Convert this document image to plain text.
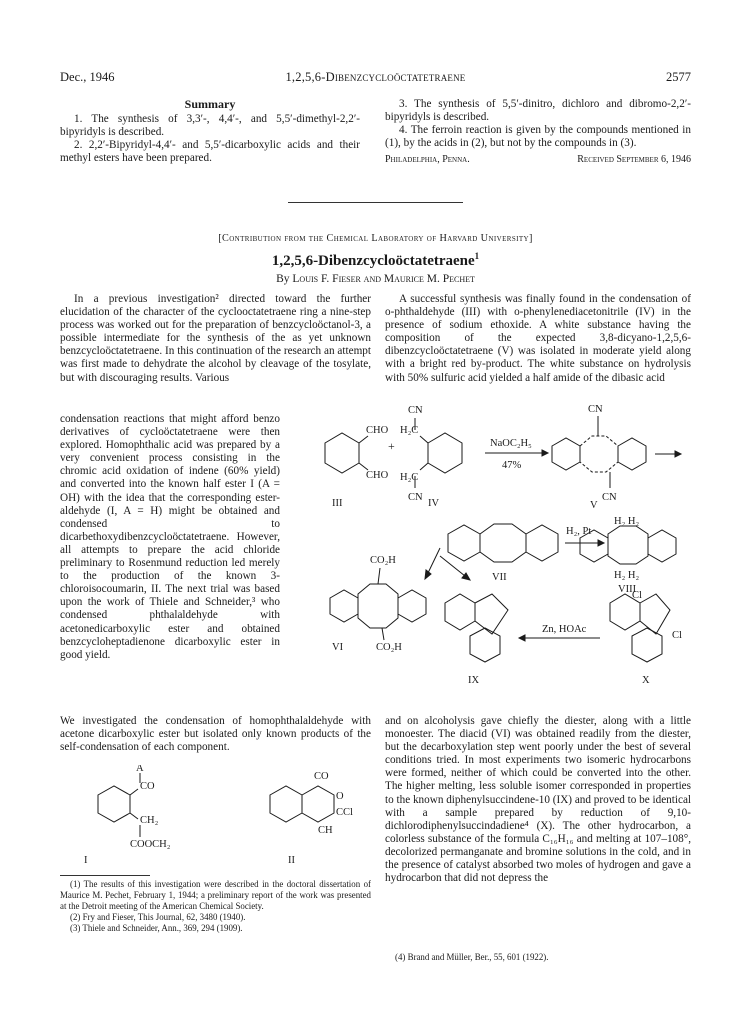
Dec., 1946	1,2,5,6-Dibenzcycloöctatetraene	2577
Summary

1. The synthesis of 3,3′-, 4,4′-, and 5,5′-dimethyl-2,2′-bipyridyls is described.

2. 2,2′-Bipyridyl-4,4′- and 5,5′-dicarboxylic acids and their methyl esters have been prepared.

3. The synthesis of 5,5′-dinitro, dichloro and dibromo-2,2′-bipyridyls is described.

4. The ferroin reaction is given by the compounds mentioned in (1), by the acids in (2), but not by the compounds in (3).

Philadelphia, Penna.	Received September 6, 1946
[Contribution from the Chemical Laboratory of Harvard University]
1,2,5,6-Dibenzcycloöctatetraene$^1$
By Louis F. Fieser and Maurice M. Pechet

In a previous investigation² directed toward the further elucidation of the character of the cyclooctatetraene ring a nine-step process was worked out for the preparation of benzcycloöctanol-3, a possible intermediate for the synthesis of the as yet unknown benzcycloöctatetraene. In this continuation of the research an attempt was first made to dehydrate the alcohol by cleavage of the tosylate, but with discouraging results. Various

condensation reactions that might afford benzo derivatives of cycloöctatetraene were then explored. Homophthalic acid was prepared by a very convenient process consisting in the chromic acid oxidation of indene (60% yield) and converted into the known half ester I (A = OH) with the idea that the corresponding ester-aldehyde (I, A = H) might be obtained and condensed to dicarbethoxydibenzcycloöctatetraene. However, all attempts to prepare the acid chloride preliminary to Rosenmund reduction led merely to the production of the known 3-chloroisocoumarin, II. The next trial was based upon the work of Thiele and Schneider,³ who condensed phthalaldehyde with acetonedicarboxylic ester and obtained benzcycloheptadienone dicarboxylic ester in good yield.

We investigated the condensation of homophthalaldehyde with acetone dicarboxylic ester but isolated only known products of the self-condensation of each component.

A successful synthesis was finally found in the condensation of o-phthaldehyde (III) with o-phenylenediacetonitrile (IV) in the presence of sodium ethoxide. A white substance having the composition of the expected 3,8-dicyano-1,2,5,6-dibenzcycloöctatetraene (V) was isolated in moderate yield along with a bright red by-product. The white substance on hydrolysis with 50% sulfuric acid yielded a half amide of the dibasic acid

and on alcoholysis gave chiefly the diester, along with a little monoester. The diacid (VI) was obtained readily from the diester, but the decarboxylation step went poorly under the best of several conditions tried. In most experiments two isomeric hydrocarbons were formed, neither of which could be converted into the other. The higher melting, less soluble isomer corresponded in properties to the known diphenylsuccindene-10 (IX) and proved to be identical with a sample prepared by reduction of 9,10-dichlorodiphenylsuccindadiene⁴ (X). The other hydrocarbon, a colorless substance of the formula C₁₆H₁₆ and melting at 107–108°, decolorized permanganate and bromine solutions in the cold, and in the presence of catalyst absorbed two moles of hydrogen and gave a hydrocarbon that did not depress the

CHO
CHO
H₂C
H₂C
CN
CN
+	NaOC₂H₅
47%
CN
CN
III	IV	V
H₂ H₂
H₂ H₂
H₂, Pt
VII
VIII
CO₂H
CO₂H
VI
Zn, HOAc
Cl
Cl
IX	X
A
CO
CH₂
COOCH₂
CO
O
CCl
CH
I	II

(1) The results of this investigation were described in the doctoral dissertation of Maurice M. Pechet, February 1, 1944; a preliminary report of the work was presented at the Detroit meeting of the American Chemical Society.

(2) Fry and Fieser, This Journal, 62, 3480 (1940).

(3) Thiele and Schneider, Ann., 369, 294 (1909).

(4) Brand and Müller, Ber., 55, 601 (1922).
